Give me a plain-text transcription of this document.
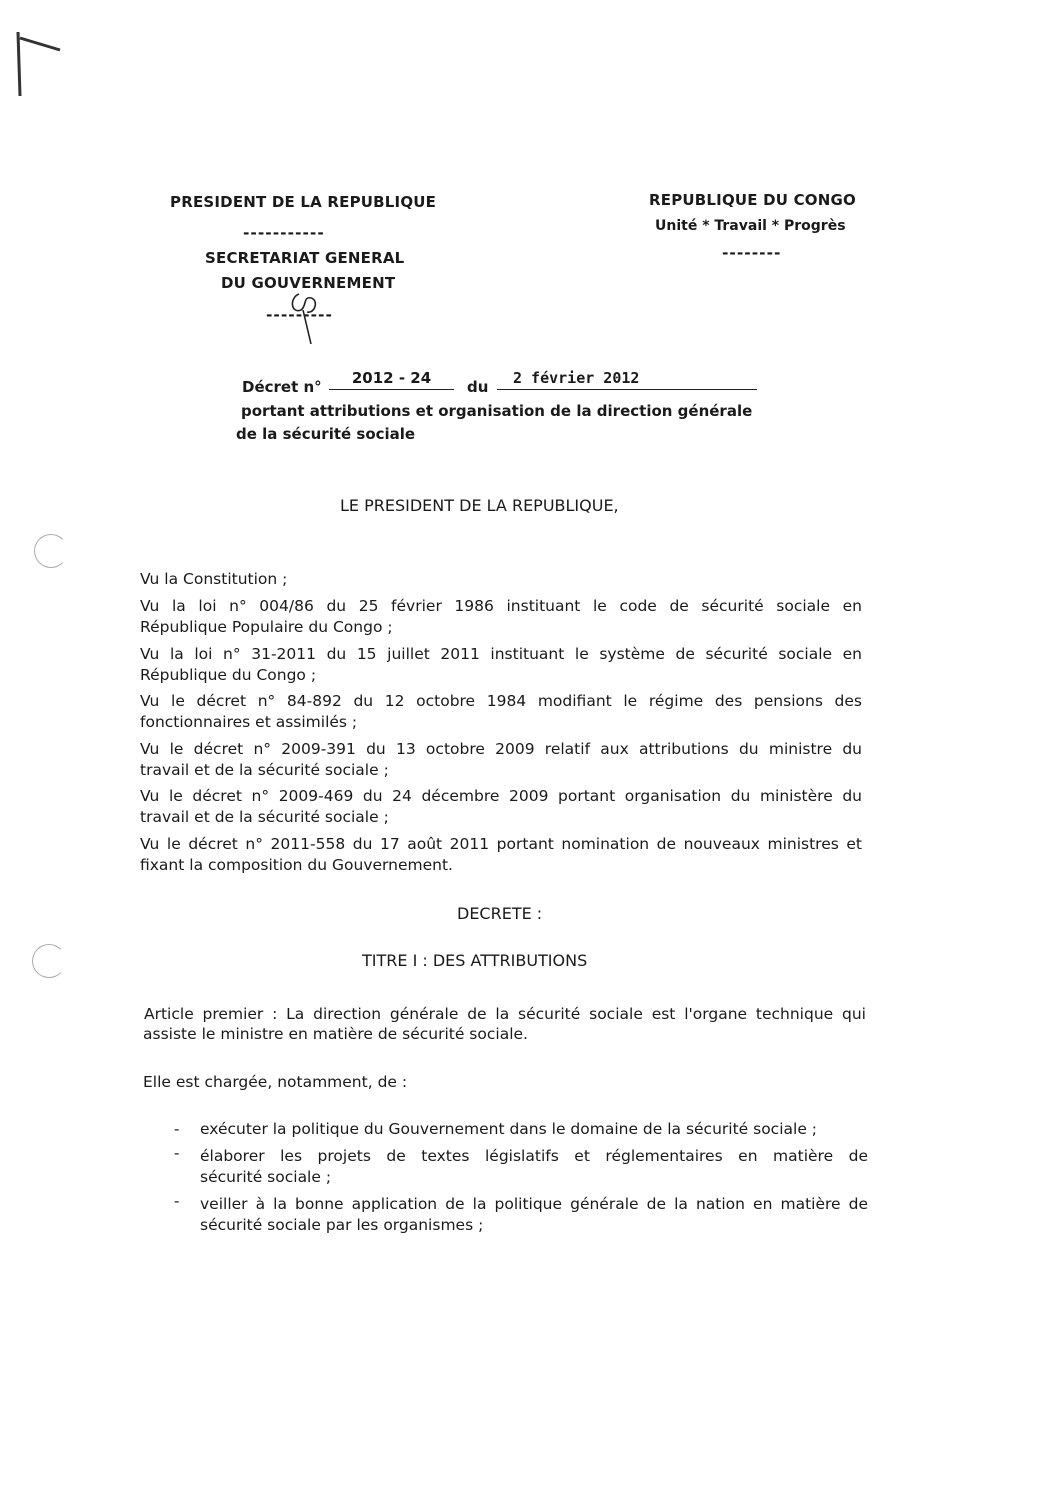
PRESIDENT DE LA REPUBLIQUE
-----------
SECRETARIAT GENERAL
DU GOUVERNEMENT
---------
REPUBLIQUE DU CONGO
Unité * Travail * Progrès
--------
Décret n°	2012 - 24	du	2 février 2012
portant attributions et organisation de la direction générale
de la sécurité sociale
LE PRESIDENT DE LA REPUBLIQUE,
Vu la Constitution ;
Vu la loi n° 004/86 du 25 février 1986 instituant le code de sécurité sociale en
République Populaire du Congo ;
Vu la loi n° 31-2011 du 15 juillet 2011 instituant le système de sécurité sociale en
République du Congo ;
Vu le décret n° 84-892 du 12 octobre 1984 modifiant le régime des pensions des
fonctionnaires et assimilés ;
Vu le décret n° 2009-391 du 13 octobre 2009 relatif aux attributions du ministre du
travail et de la sécurité sociale ;
Vu le décret n° 2009-469 du 24 décembre 2009 portant organisation du ministère du
travail et de la sécurité sociale ;
Vu le décret n° 2011-558 du 17 août 2011 portant nomination de nouveaux ministres et
fixant la composition du Gouvernement.
DECRETE :
TITRE I : DES ATTRIBUTIONS
Article premier : La direction générale de la sécurité sociale est l'organe technique qui
assiste le ministre en matière de sécurité sociale.
Elle est chargée, notamment, de :
- exécuter la politique du Gouvernement dans le domaine de la sécurité sociale ;
- élaborer les projets de textes législatifs et réglementaires en matière de
sécurité sociale ;
- veiller à la bonne application de la politique générale de la nation en matière de
sécurité sociale par les organismes ;
